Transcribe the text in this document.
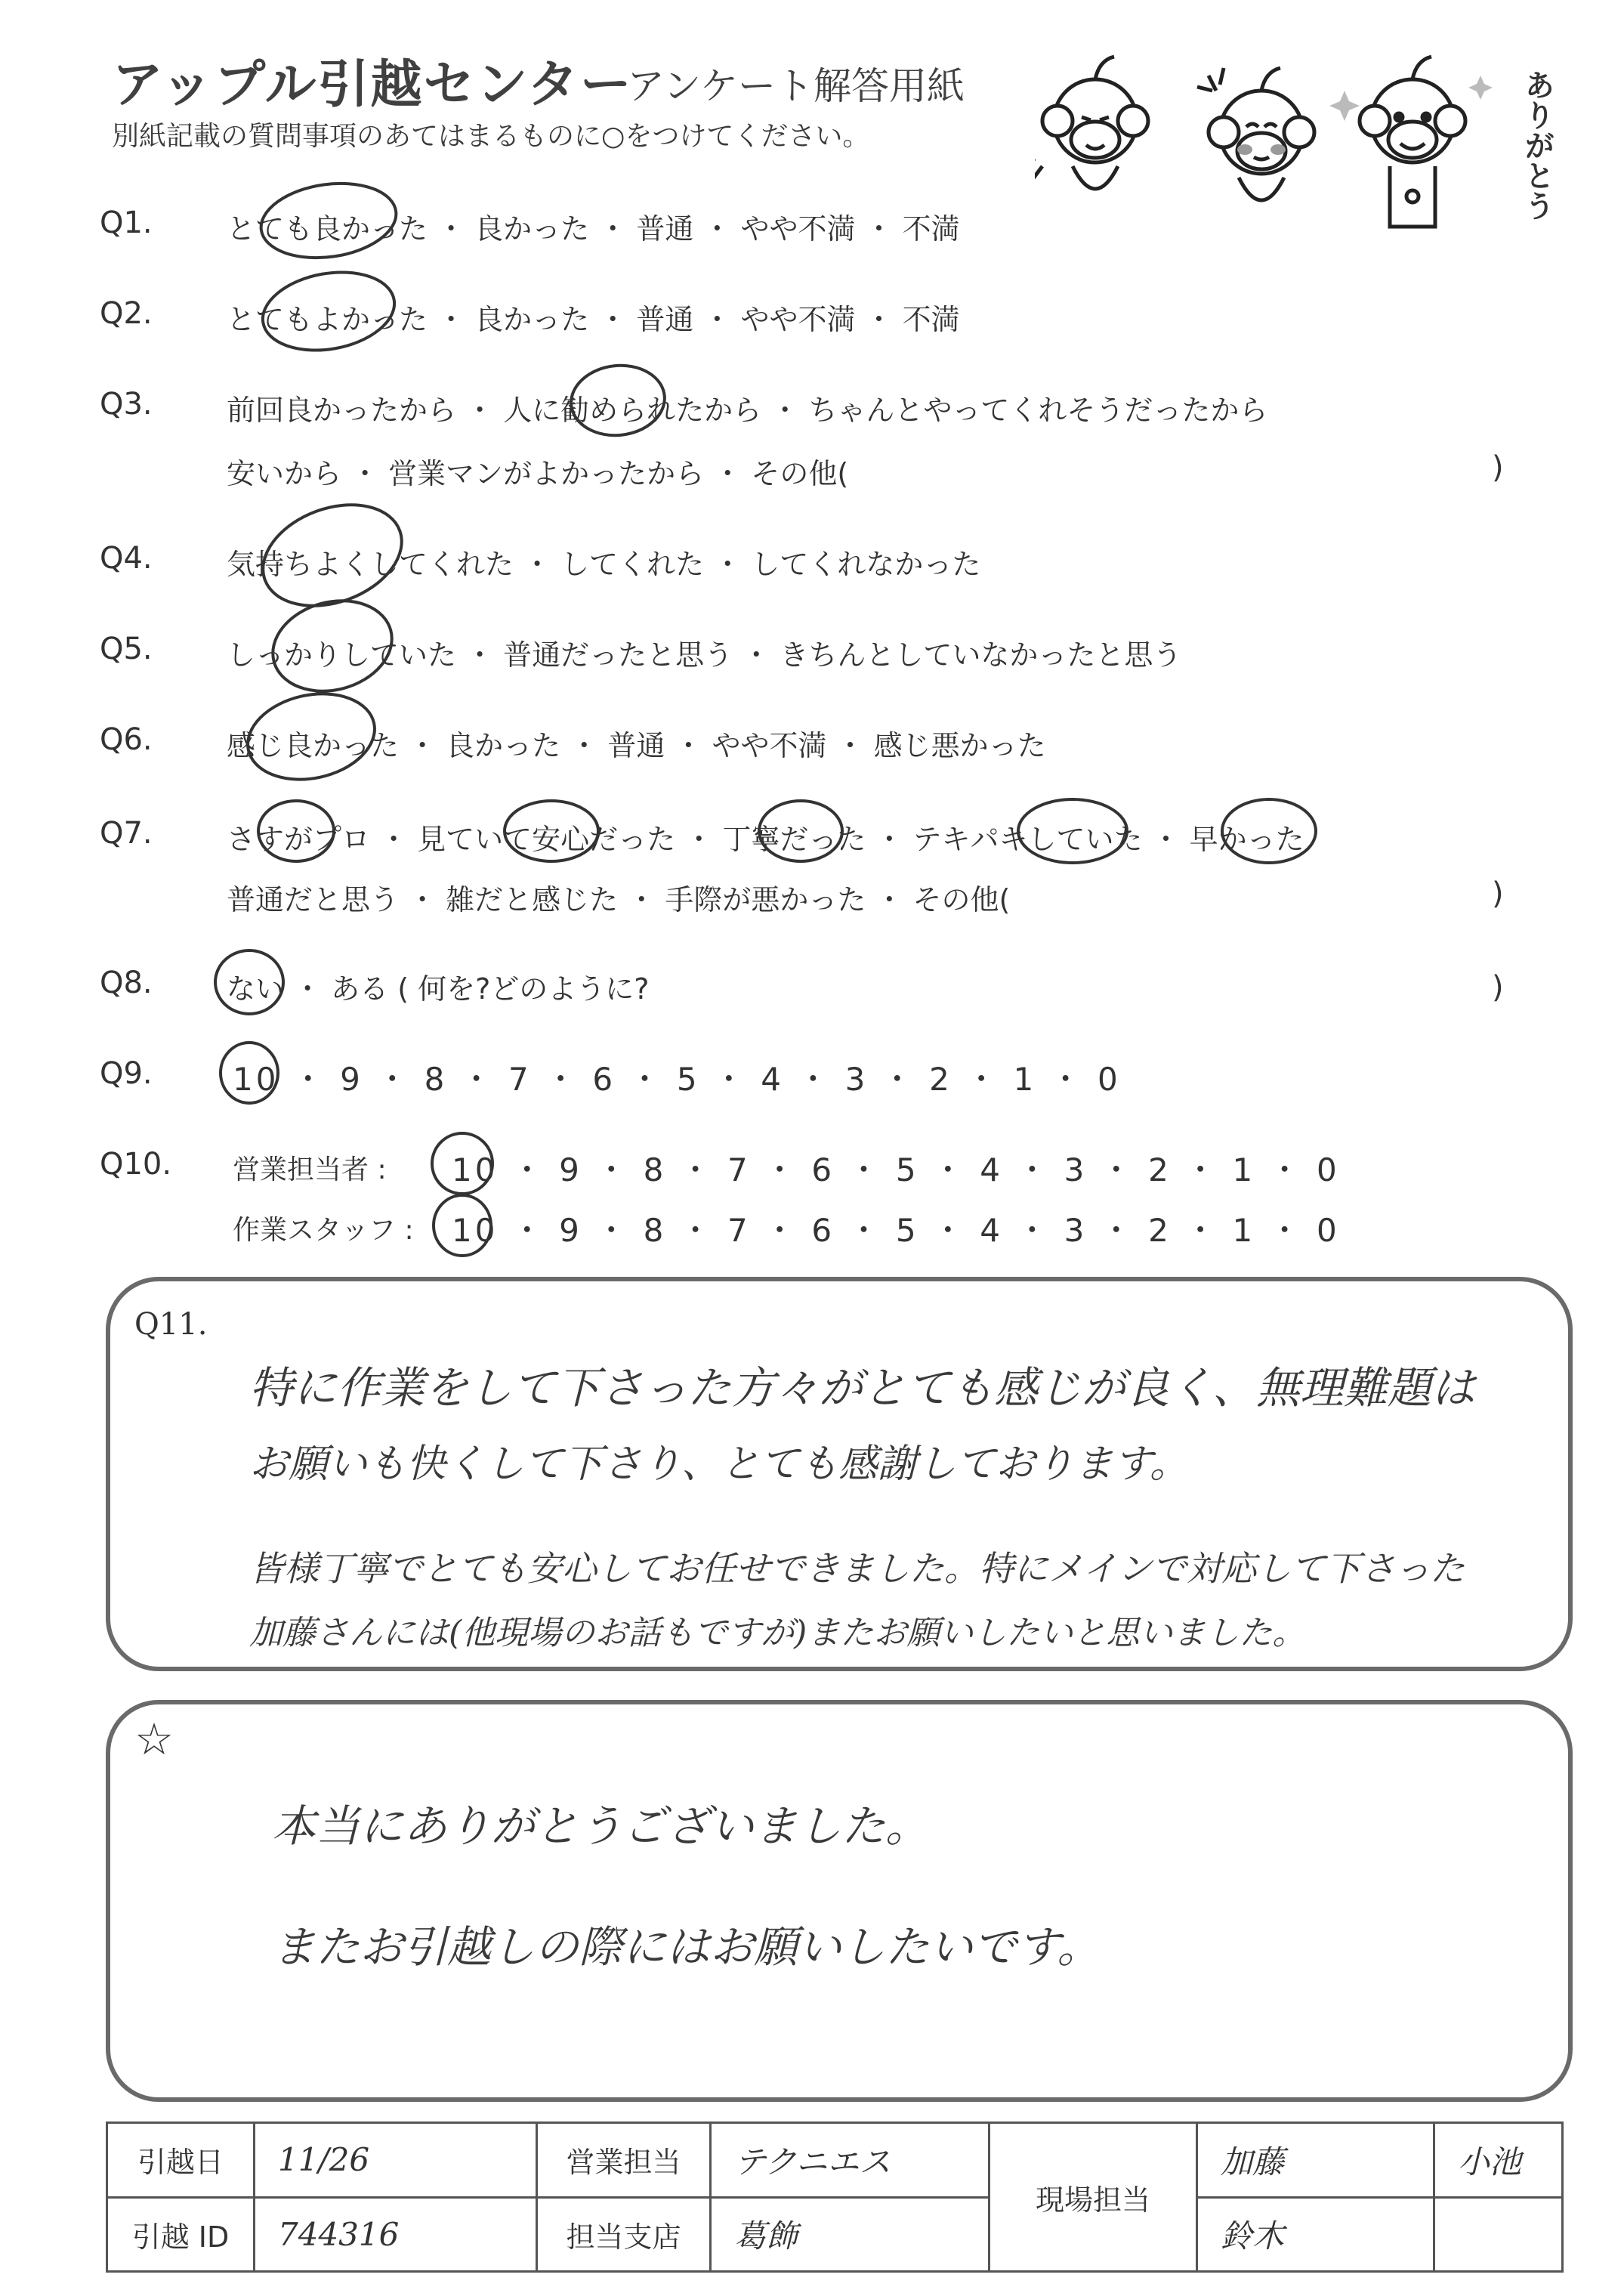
アップル引越センター
アンケート解答用紙
別紙記載の質問事項のあてはまるものに○をつけてください。	ありがとう
Q1.	とても良かった ・ 良かった ・ 普通 ・ やや不満 ・ 不満
Q2.	とてもよかった ・ 良かった ・ 普通 ・ やや不満 ・ 不満
Q3.	前回良かったから ・ 人に勧められたから ・ ちゃんとやってくれそうだったから
安いから ・ 営業マンがよかったから ・ その他(	)
Q4.	気持ちよくしてくれた ・ してくれた ・ してくれなかった
Q5.	しっかりしていた ・ 普通だったと思う ・ きちんとしていなかったと思う
Q6.	感じ良かった ・ 良かった ・ 普通 ・ やや不満 ・ 感じ悪かった
Q7.	さすがプロ ・ 見ていて安心だった ・ 丁寧だった ・ テキパキしていた ・ 早かった
普通だと思う ・ 雑だと感じた ・ 手際が悪かった ・ その他(	)
Q8.	ない ・ ある ( 何を?どのように?	)
Q9.	10 ・ 9 ・ 8 ・ 7 ・ 6 ・ 5 ・ 4 ・ 3 ・ 2 ・ 1 ・ 0
Q10. 営業担当者 : 10 ・ 9 ・ 8 ・ 7 ・ 6 ・ 5 ・ 4 ・ 3 ・ 2 ・ 1 ・ 0
作業スタッフ : 10 ・ 9 ・ 8 ・ 7 ・ 6 ・ 5 ・ 4 ・ 3 ・ 2 ・ 1 ・ 0
Q11.
特に作業をして下さった方々がとても感じが良く、無理難題は
お願いも快くして下さり、とても感謝しております。
皆様丁寧でとても安心してお任せできました。特にメインで対応して下さった
加藤さんには(他現場のお話もですが)またお願いしたいと思いました。
☆
本当にありがとうございました。
またお引越しの際にはお願いしたいです。
引越日	11/26	営業担当	テクニエス	現場担当	加藤	小池
引越 ID	744316	担当支店	葛飾		鈴木	
